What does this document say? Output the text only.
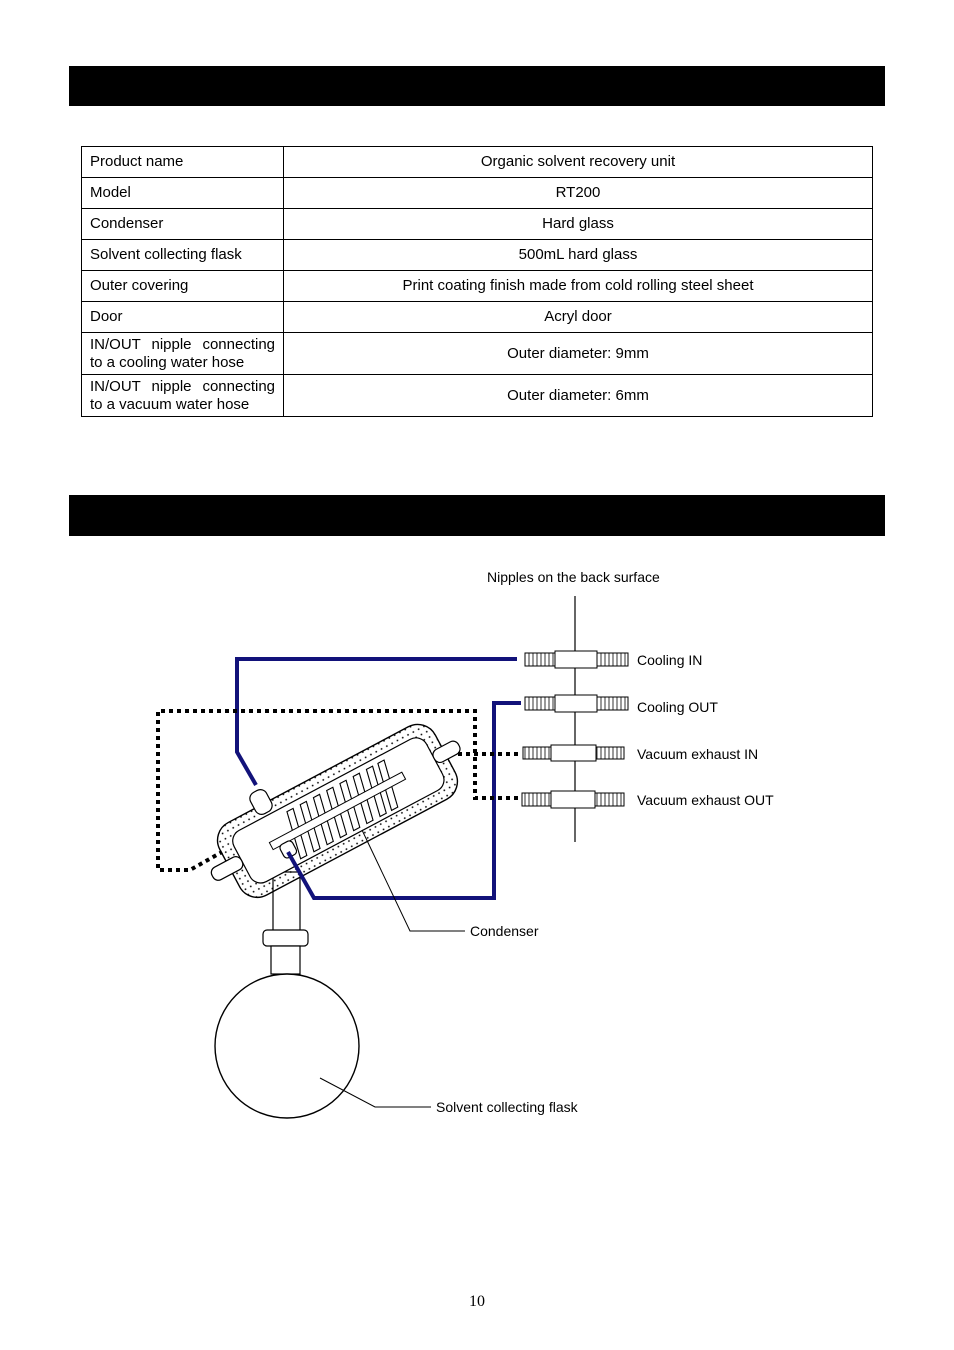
Product name	Organic solvent recovery unit
Model	RT200
Condenser	Hard glass
Solvent collecting flask	500mL hard glass
Outer covering	Print coating finish made from cold rolling steel sheet
Door	Acryl door
IN/OUT nipple connecting to a cooling water hose	Outer diameter: 9mm
IN/OUT nipple connecting to a vacuum water hose	Outer diameter: 6mm
Nipples on the back surface
Cooling IN
Cooling OUT
Vacuum exhaust IN
Vacuum exhaust OUT
Condenser
Solvent collecting flask
10
